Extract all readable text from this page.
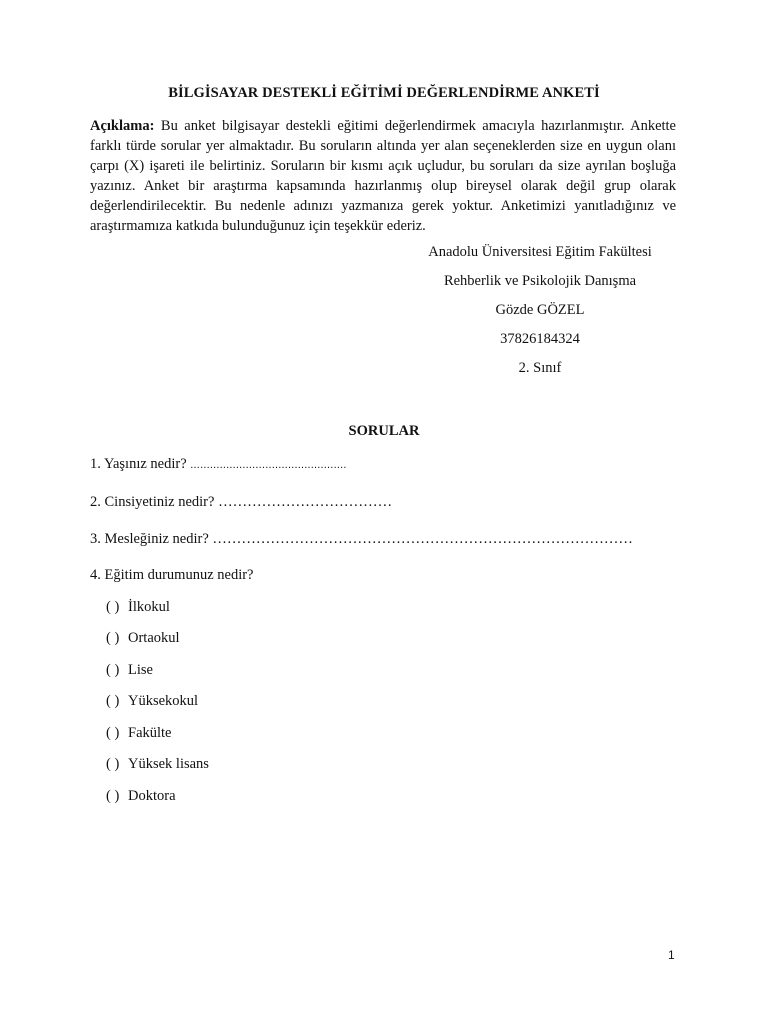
BİLGİSAYAR DESTEKLİ EĞİTİMİ DEĞERLENDİRME ANKETİ

Açıklama: Bu anket bilgisayar destekli eğitimi değerlendirmek amacıyla hazırlanmıştır. Ankette farklı türde sorular yer almaktadır. Bu soruların altında yer alan seçeneklerden size en uygun olanı çarpı (X) işareti ile belirtiniz. Soruların bir kısmı açık uçludur, bu soruları da size ayrılan boşluğa yazınız. Anket bir araştırma kapsamında hazırlanmış olup bireysel olarak değil grup olarak değerlendirilecektir. Bu nedenle adınızı yazmanıza gerek yoktur. Anketimizi yanıtladığınız ve araştırmamıza katkıda bulunduğunuz için teşekkür ederiz.

Anadolu Üniversitesi Eğitim Fakültesi
Rehberlik ve Psikolojik Danışma
Gözde GÖZEL
37826184324
2. Sınıf
SORULAR
1. Yaşınız nedir? ................................................
2. Cinsiyetiniz nedir? ………………………………
3. Mesleğiniz nedir? ……………………………………………………………………………
4. Eğitim durumunuz nedir?
( ) İlkokul
( ) Ortaokul
( ) Lise
( ) Yüksekokul
( ) Fakülte
( ) Yüksek lisans
( ) Doktora
1
